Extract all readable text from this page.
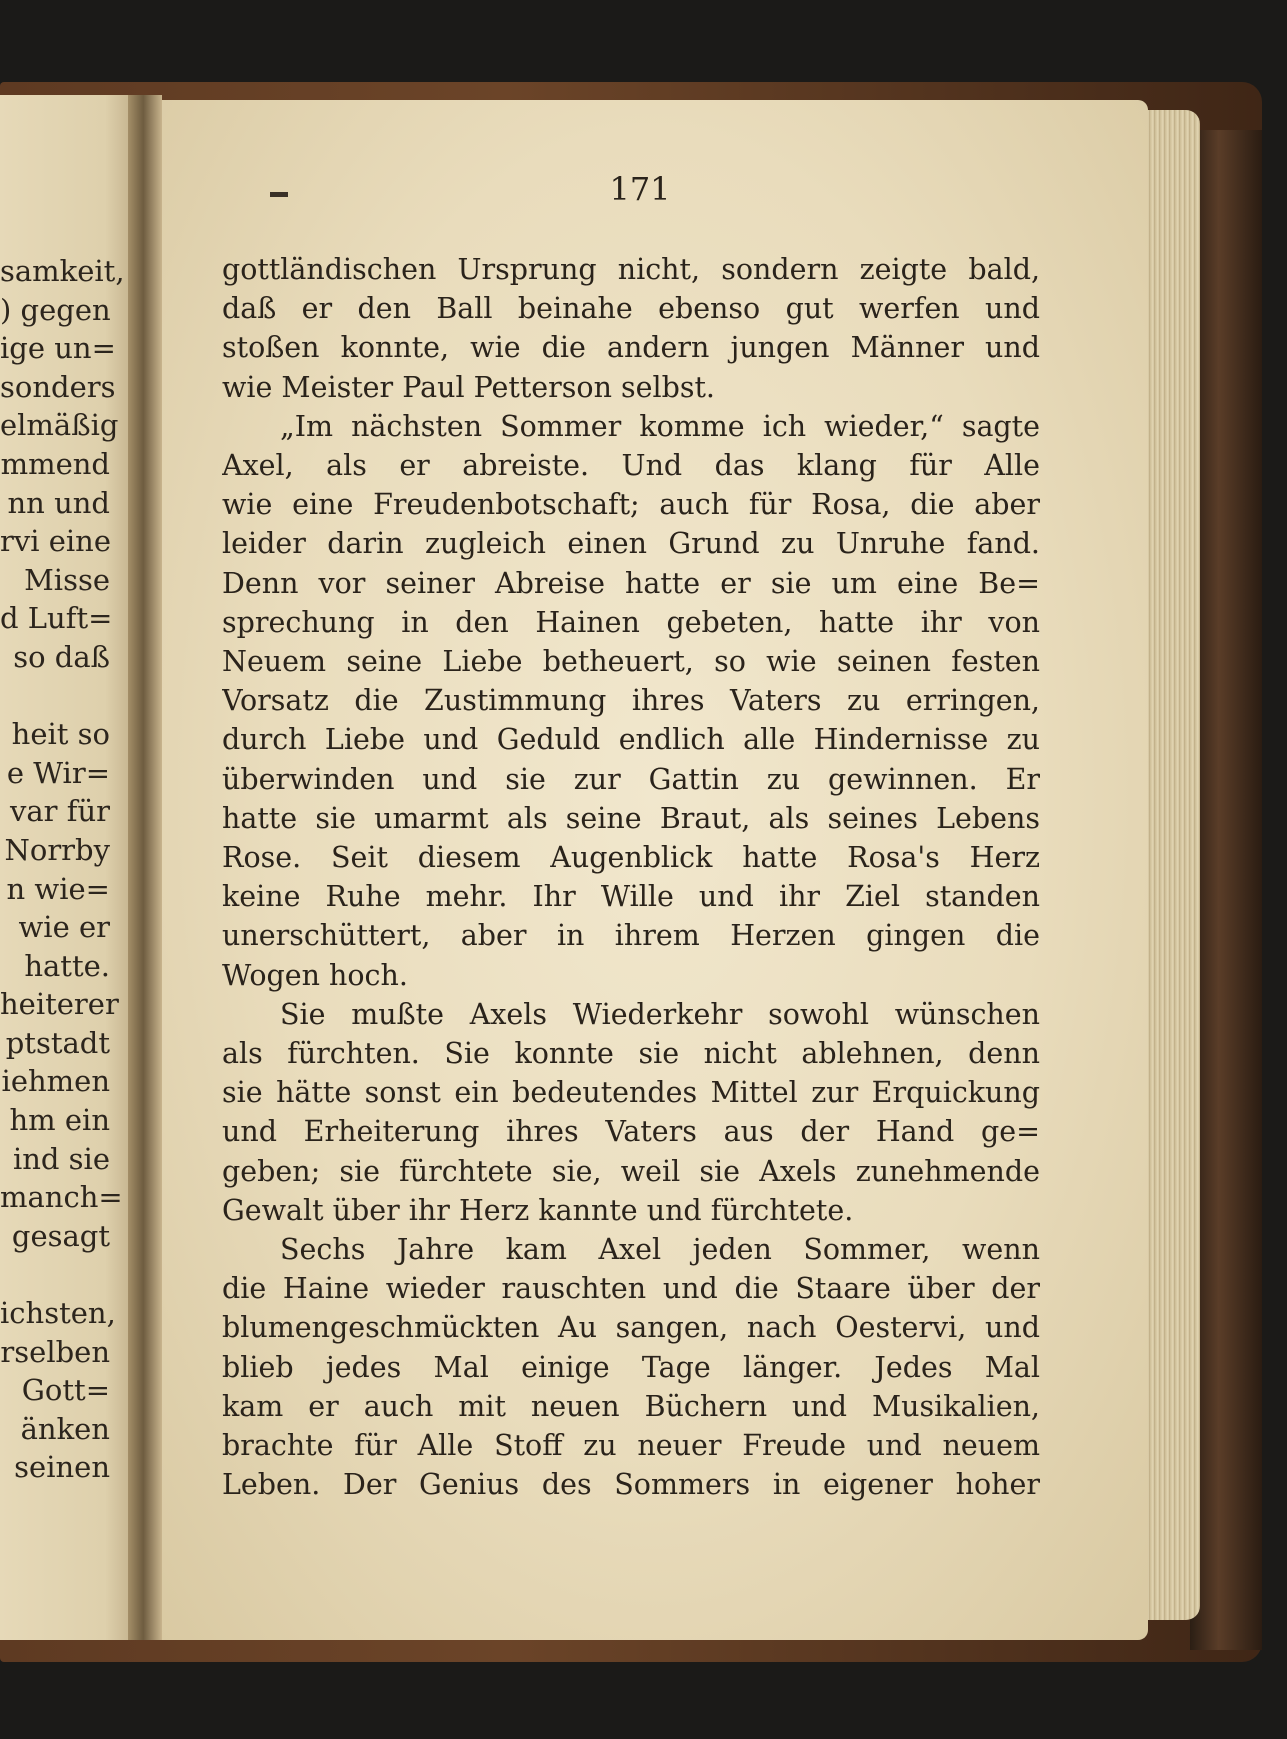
samkeit,
) gegen
ige un=
sonders
elmäßig
mmend
nn und
rvi eine
Misse
d Luft=
so daß

heit so
e Wir=
var für
Norrby
n wie=
wie er
hatte.
heiterer
ptstadt
iehmen
hm ein
ind sie
manch=
gesagt

ichsten,
rselben
Gott=
änken
seinen
171
gottländischen Ursprung nicht, sondern zeigte bald,
daß er den Ball beinahe ebenso gut werfen und
stoßen konnte, wie die andern jungen Männer und
wie Meister Paul Petterson selbst.
„Im nächsten Sommer komme ich wieder,“ sagte
Axel, als er abreiste. Und das klang für Alle
wie eine Freudenbotschaft; auch für Rosa, die aber
leider darin zugleich einen Grund zu Unruhe fand.
Denn vor seiner Abreise hatte er sie um eine Be=
sprechung in den Hainen gebeten, hatte ihr von
Neuem seine Liebe betheuert, so wie seinen festen
Vorsatz die Zustimmung ihres Vaters zu erringen,
durch Liebe und Geduld endlich alle Hindernisse zu
überwinden und sie zur Gattin zu gewinnen. Er
hatte sie umarmt als seine Braut, als seines Lebens
Rose. Seit diesem Augenblick hatte Rosa's Herz
keine Ruhe mehr. Ihr Wille und ihr Ziel standen
unerschüttert, aber in ihrem Herzen gingen die
Wogen hoch.
Sie mußte Axels Wiederkehr sowohl wünschen
als fürchten. Sie konnte sie nicht ablehnen, denn
sie hätte sonst ein bedeutendes Mittel zur Erquickung
und Erheiterung ihres Vaters aus der Hand ge=
geben; sie fürchtete sie, weil sie Axels zunehmende
Gewalt über ihr Herz kannte und fürchtete.
Sechs Jahre kam Axel jeden Sommer, wenn
die Haine wieder rauschten und die Staare über der
blumengeschmückten Au sangen, nach Oestervi, und
blieb jedes Mal einige Tage länger. Jedes Mal
kam er auch mit neuen Büchern und Musikalien,
brachte für Alle Stoff zu neuer Freude und neuem
Leben. Der Genius des Sommers in eigener hoher
